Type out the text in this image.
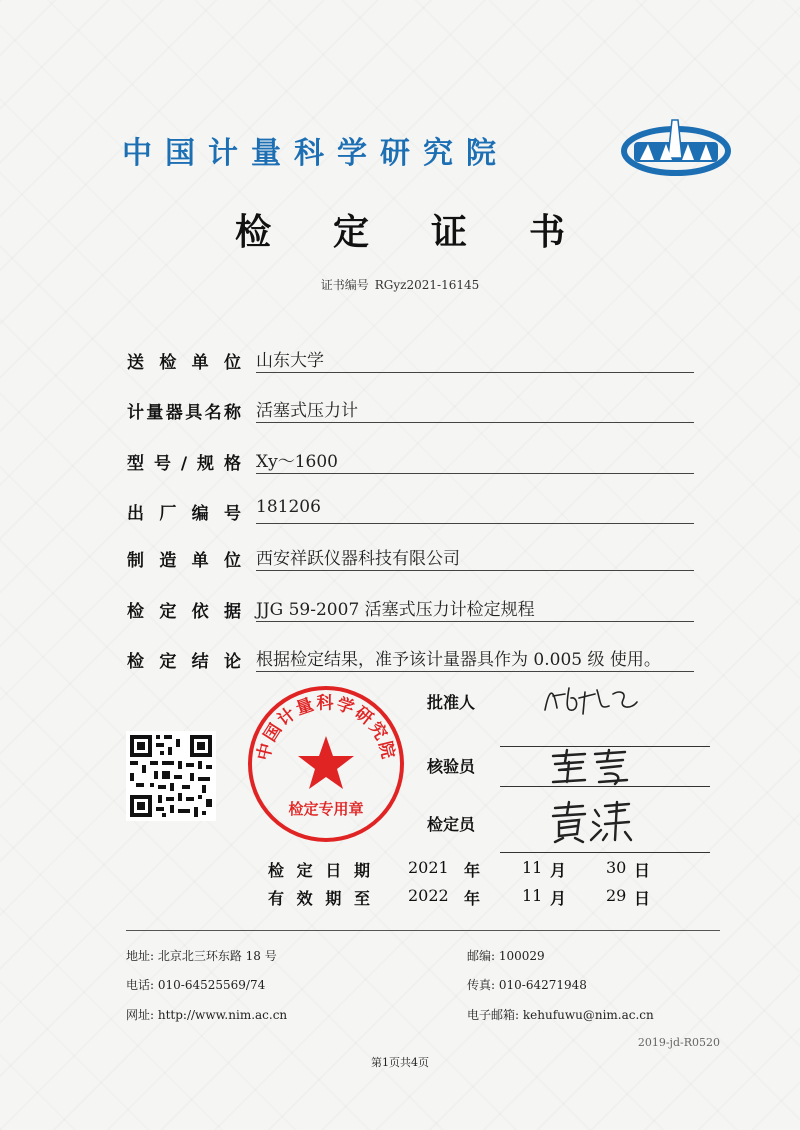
中国计量科学研究院
检定证书
证书编号 RGyz2021-16145
送检单位 山东大学
计量器具名称 活塞式压力计
型号/规格 Xy～1600
出厂编号 181206
制造单位 西安祥跃仪器科技有限公司
检定依据 JJG 59-2007 活塞式压力计检定规程
检定结论 根据检定结果，准予该计量器具作为 0.005 级 使用。
批准人
核验员
检定员
检定日期 2021 年	11 月 30 日
有效期至 2022 年	11 月 29 日
中国计量科学研究院
检定专用章
地址: 北京北三环东路 18 号	邮编: 100029
电话: 010-64525569/74	传真: 010-64271948
网址: http://www.nim.ac.cn	电子邮箱: kehufuwu@nim.ac.cn
2019-jd-R0520
第1页共4页
